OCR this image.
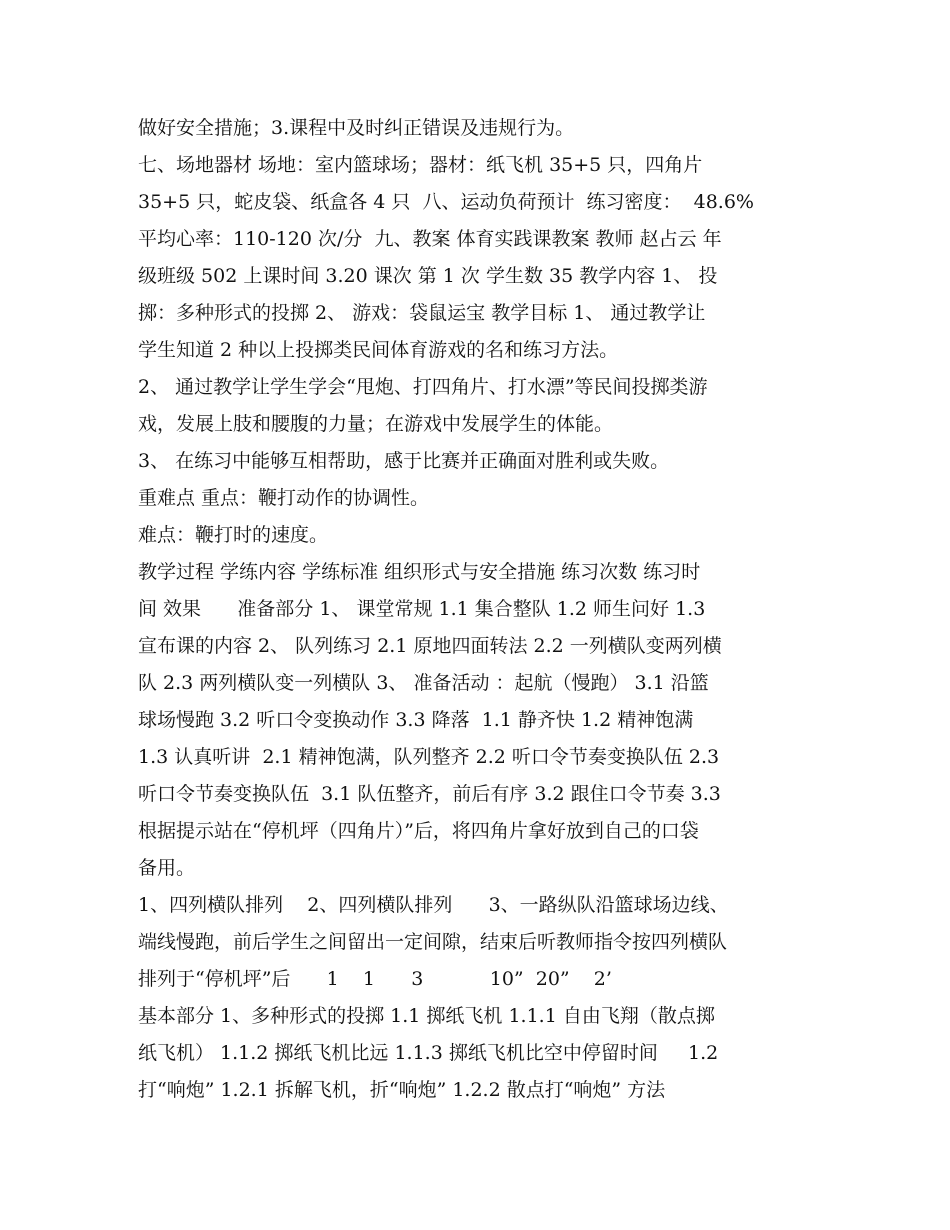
做好安全措施；3.课程中及时纠正错误及违规行为。
七、场地器材 场地：室内篮球场；器材：纸飞机 35+5 只，四角片
35+5 只，蛇皮袋、纸盒各 4 只  八、运动负荷预计  练习密度：  48.6%
平均心率：110-120 次/分  九、教案 体育实践课教案 教师 赵占云 年
级班级 502 上课时间 3.20 课次 第 1 次 学生数 35 教学内容 1、 投
掷：多种形式的投掷 2、 游戏：袋鼠运宝 教学目标 1、 通过教学让
学生知道 2 种以上投掷类民间体育游戏的名和练习方法。
2、 通过教学让学生学会“甩炮、打四角片、打水漂”等民间投掷类游
戏，发展上肢和腰腹的力量；在游戏中发展学生的体能。
3、 在练习中能够互相帮助，感于比赛并正确面对胜利或失败。
重难点 重点：鞭打动作的协调性。
难点：鞭打时的速度。
教学过程 学练内容 学练标准 组织形式与安全措施 练习次数 练习时
间 效果      准备部分 1、 课堂常规 1.1 集合整队 1.2 师生问好 1.3
宣布课的内容 2、 队列练习 2.1 原地四面转法 2.2 一列横队变两列横
队 2.3 两列横队变一列横队 3、 准备活动 ：起航（慢跑） 3.1 沿篮
球场慢跑 3.2 听口令变换动作 3.3 降落  1.1 静齐快 1.2 精神饱满
1.3 认真听讲  2.1 精神饱满，队列整齐 2.2 听口令节奏变换队伍 2.3
听口令节奏变换队伍  3.1 队伍整齐，前后有序 3.2 跟住口令节奏 3.3
根据提示站在“停机坪（四角片）”后，将四角片拿好放到自己的口袋
备用。
1、四列横队排列    2、四列横队排列      3、一路纵队沿篮球场边线、
端线慢跑，前后学生之间留出一定间隙，结束后听教师指令按四列横队
排列于“停机坪”后      1    1      3           10”  20”    2’
基本部分 1、多种形式的投掷 1.1 掷纸飞机 1.1.1 自由飞翔（散点掷
纸飞机） 1.1.2 掷纸飞机比远 1.1.3 掷纸飞机比空中停留时间     1.2
打“响炮” 1.2.1 拆解飞机，折“响炮” 1.2.2 散点打“响炮” 方法
